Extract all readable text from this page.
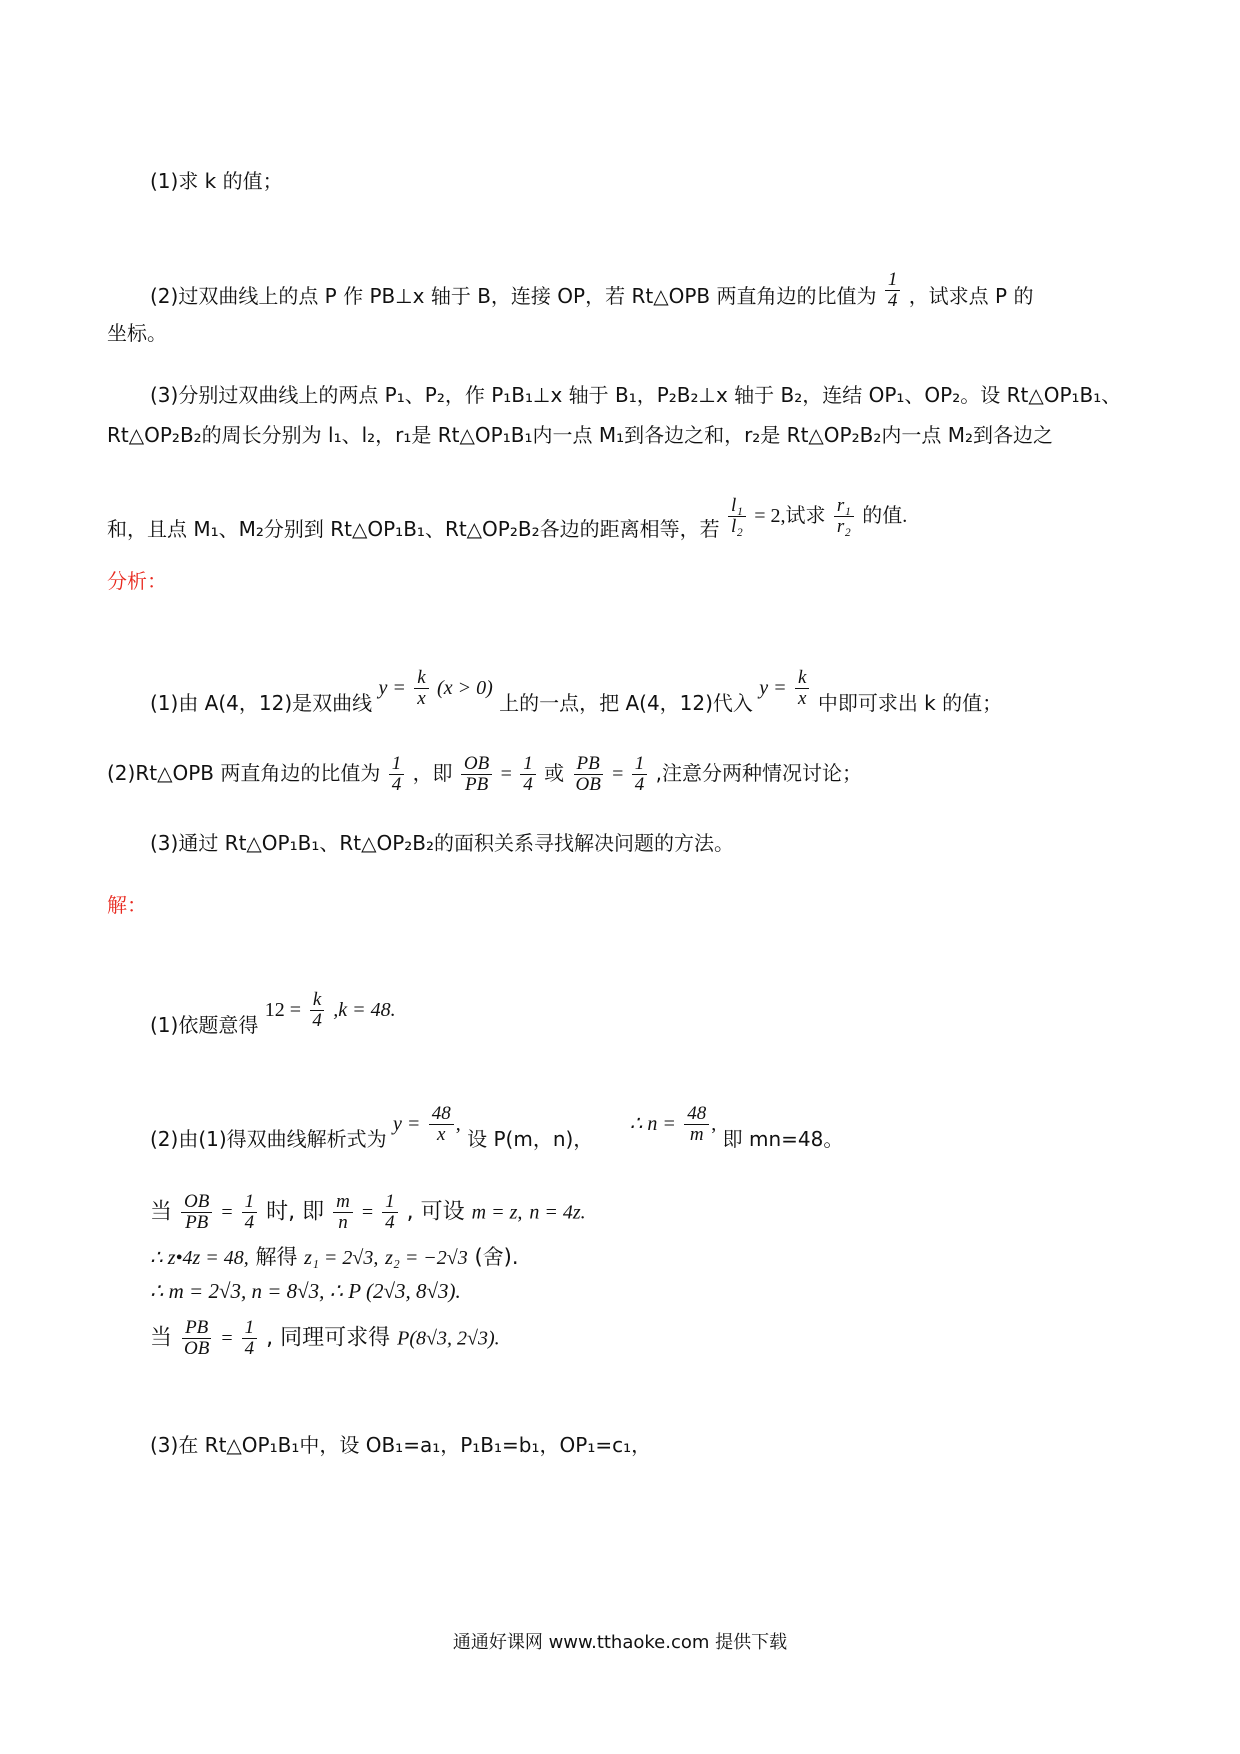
(1)求 k 的值；
(2)过双曲线上的点 P 作 PB⊥x 轴于 B，连接 OP，若 Rt△OPB 两直角边的比值为 $\frac{1}{4}$ ，试求点 P 的
坐标。
(3)分别过双曲线上的两点 P₁、P₂，作 P₁B₁⊥x 轴于 B₁，P₂B₂⊥x 轴于 B₂，连结 OP₁、OP₂。设 Rt△OP₁B₁、
Rt△OP₂B₂的周长分别为 l₁、l₂，r₁是 Rt△OP₁B₁内一点 M₁到各边之和，r₂是 Rt△OP₂B₂内一点 M₂到各边之
和，且点 M₁、M₂分别到 Rt△OP₁B₁、Rt△OP₂B₂各边的距离相等，若 $\frac{\text{l₁}}{\text{l₂}} = 2$,试求 $\frac{\text{r₁}}{\text{r₂}}$ 的值.
分析：
(1)由 A(4，12)是双曲线 $y = \frac{k}{x} (x > 0)$ 上的一点，把 A(4，12)代入 $y = \frac{k}{x}$ 中即可求出 k 的值；
(2)Rt△OPB 两直角边的比值为 $\frac{1}{4}$ ，即 $\frac{OB}{PB} = \frac{1}{4}$ 或 $\frac{PB}{OB} = \frac{1}{4}$ ,注意分两种情况讨论；
(3)通过 Rt△OP₁B₁、Rt△OP₂B₂的面积关系寻找解决问题的方法。
解：
(1)依题意得 $12 = \frac{k}{4} ,k = 48$.
(2)由(1)得双曲线解析式为 $y = \frac{48}{x}$ , 设 P(m，n)， ∴ $n = \frac{48}{m}$ , 即 mn=48。
当 $\frac{OB}{PB} = \frac{1}{4}$ 时, 即 $\frac{m}{n} = \frac{1}{4}$ , 可设 m = z, n = 4z.
∴ z•4z = 48, 解得 z₁ = 2√3, z₂ = −2√3 (舍).
∴ m = 2√3, n = 8√3, ∴ P (2√3, 8√3).
当 $\frac{PB}{OB} = \frac{1}{4}$ , 同理可求得 P(8√3, 2√3).
(3)在 Rt△OP₁B₁中，设 OB₁=a₁，P₁B₁=b₁，OP₁=c₁，
通通好课网 www.tthaoke.com 提供下载
